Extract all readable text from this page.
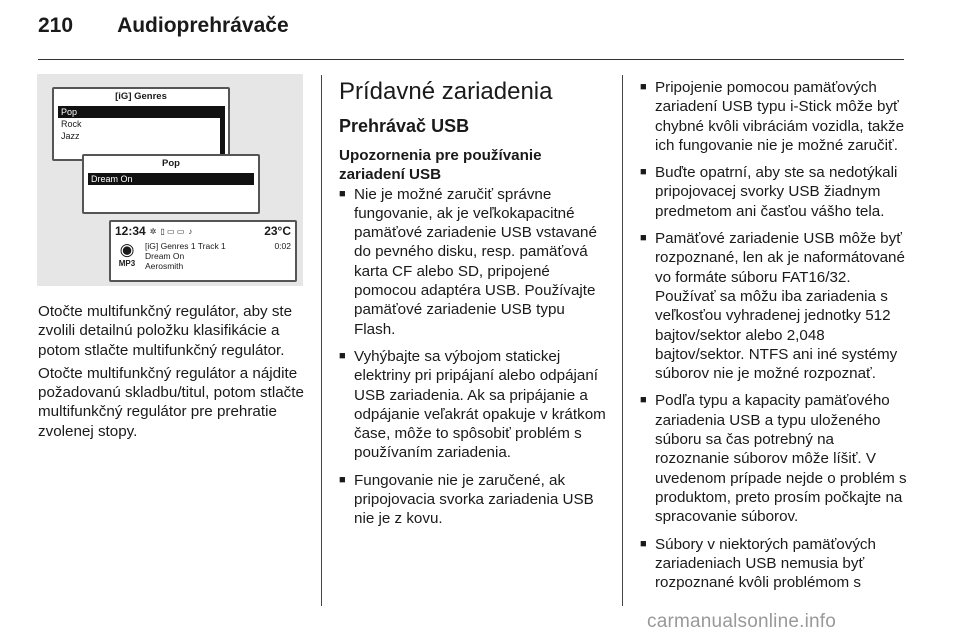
210 Audioprehrávače
[iG] Genres
Pop
Rock
Jazz
Pop
Dream On
12:34 ✲ ▯ ▭ ▭ ♪	23°C
◉
MP3
[iG] Genres 1 Track 1
Dream On
Aerosmith
0:02

Otočte multifunkčný regulátor, aby ste zvolili detailnú položku klasifikácie a potom stlačte multifunkčný regulátor.

Otočte multifunkčný regulátor a nájdite požadovanú skladbu/titul, potom stlačte multifunkčný regulátor pre prehratie zvolenej stopy.

Prídavné zariadenia
Prehrávač USB
Upozornenia pre používanie zariadení USB
■ Nie je možné zaručiť správne fungovanie, ak je veľkokapacitné pamäťové zariadenie USB vstavané do pevného disku, resp. pamäťová karta CF alebo SD, pripojené pomocou adaptéra USB. Používajte pamäťové zariadenie USB typu Flash.
■ Vyhýbajte sa výbojom statickej elektriny pri pripájaní alebo odpájaní USB zariadenia. Ak sa pripájanie a odpájanie veľakrát opakuje v krátkom čase, môže to spôsobiť problém s používaním zariadenia.
■ Fungovanie nie je zaručené, ak pripojovacia svorka zariadenia USB nie je z kovu.
■ Pripojenie pomocou pamäťových zariadení USB typu i-Stick môže byť chybné kvôli vibráciám vozidla, takže ich fungovanie nie je možné zaručiť.
■ Buďte opatrní, aby ste sa nedotýkali pripojovacej svorky USB žiadnym predmetom ani časťou vášho tela.
■ Pamäťové zariadenie USB môže byť rozpoznané, len ak je naformátované vo formáte súboru FAT16/32. Používať sa môžu iba zariadenia s veľkosťou vyhradenej jednotky 512 bajtov/sektor alebo 2,048 bajtov/sektor. NTFS ani iné systémy súborov nie je možné rozpoznať.
■ Podľa typu a kapacity pamäťového zariadenia USB a typu uloženého súboru sa čas potrebný na rozoznanie súborov môže líšiť. V uvedenom prípade nejde o problém s produktom, preto prosím počkajte na spracovanie súborov.
■ Súbory v niektorých pamäťových zariadeniach USB nemusia byť rozpoznané kvôli problémom s
carmanualsonline.info
